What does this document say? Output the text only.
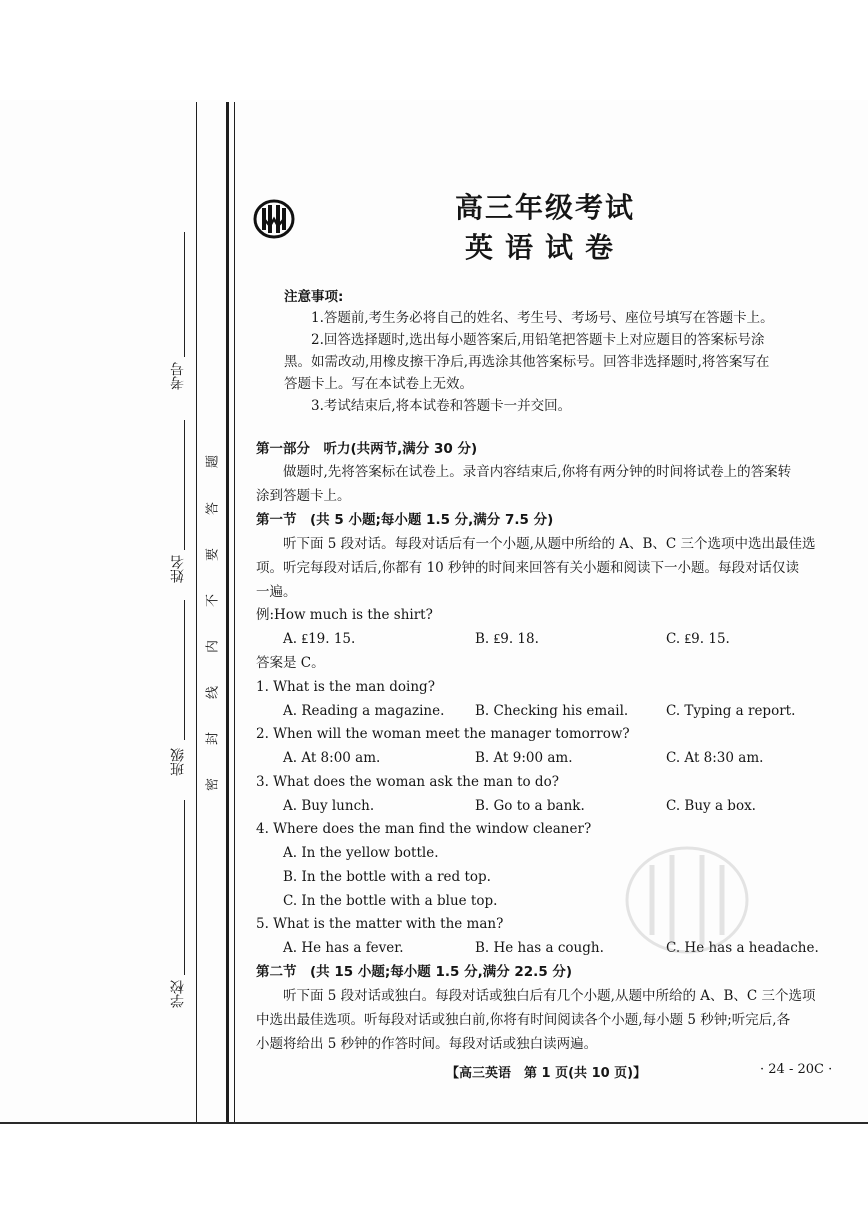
考号
姓名
班级
学校
题
答
要
不
内
线
封
密
高三年级考试
英语试卷
注意事项:
1.答题前,考生务必将自己的姓名、考生号、考场号、座位号填写在答题卡上。
2.回答选择题时,选出每小题答案后,用铅笔把答题卡上对应题目的答案标号涂
黑。如需改动,用橡皮擦干净后,再选涂其他答案标号。回答非选择题时,将答案写在
答题卡上。写在本试卷上无效。
3.考试结束后,将本试卷和答题卡一并交回。
第一部分　听力(共两节,满分 30 分)
做题时,先将答案标在试卷上。录音内容结束后,你将有两分钟的时间将试卷上的答案转
涂到答题卡上。
第一节　(共 5 小题;每小题 1.5 分,满分 7.5 分)
听下面 5 段对话。每段对话后有一个小题,从题中所给的 A、B、C 三个选项中选出最佳选
项。听完每段对话后,你都有 10 秒钟的时间来回答有关小题和阅读下一小题。每段对话仅读
一遍。
例:How much is the shirt?
A. ₤19. 15.	B. ₤9. 18.	C. ₤9. 15.
答案是 C。
1. What is the man doing?
A. Reading a magazine. B. Checking his email.	C. Typing a report.
2. When will the woman meet the manager tomorrow?
A. At 8:00 am.	B. At 9:00 am.	C. At 8:30 am.
3. What does the woman ask the man to do?
A. Buy lunch.	B. Go to a bank.	C. Buy a box.
4. Where does the man find the window cleaner?
A. In the yellow bottle.
B. In the bottle with a red top.
C. In the bottle with a blue top.
5. What is the matter with the man?
A. He has a fever.	B. He has a cough.	C. He has a headache.
第二节　(共 15 小题;每小题 1.5 分,满分 22.5 分)
听下面 5 段对话或独白。每段对话或独白后有几个小题,从题中所给的 A、B、C 三个选项
中选出最佳选项。听每段对话或独白前,你将有时间阅读各个小题,每小题 5 秒钟;听完后,各
小题将给出 5 秒钟的作答时间。每段对话或独白读两遍。
【高三英语　第 1 页(共 10 页)】	· 24 - 20C ·
